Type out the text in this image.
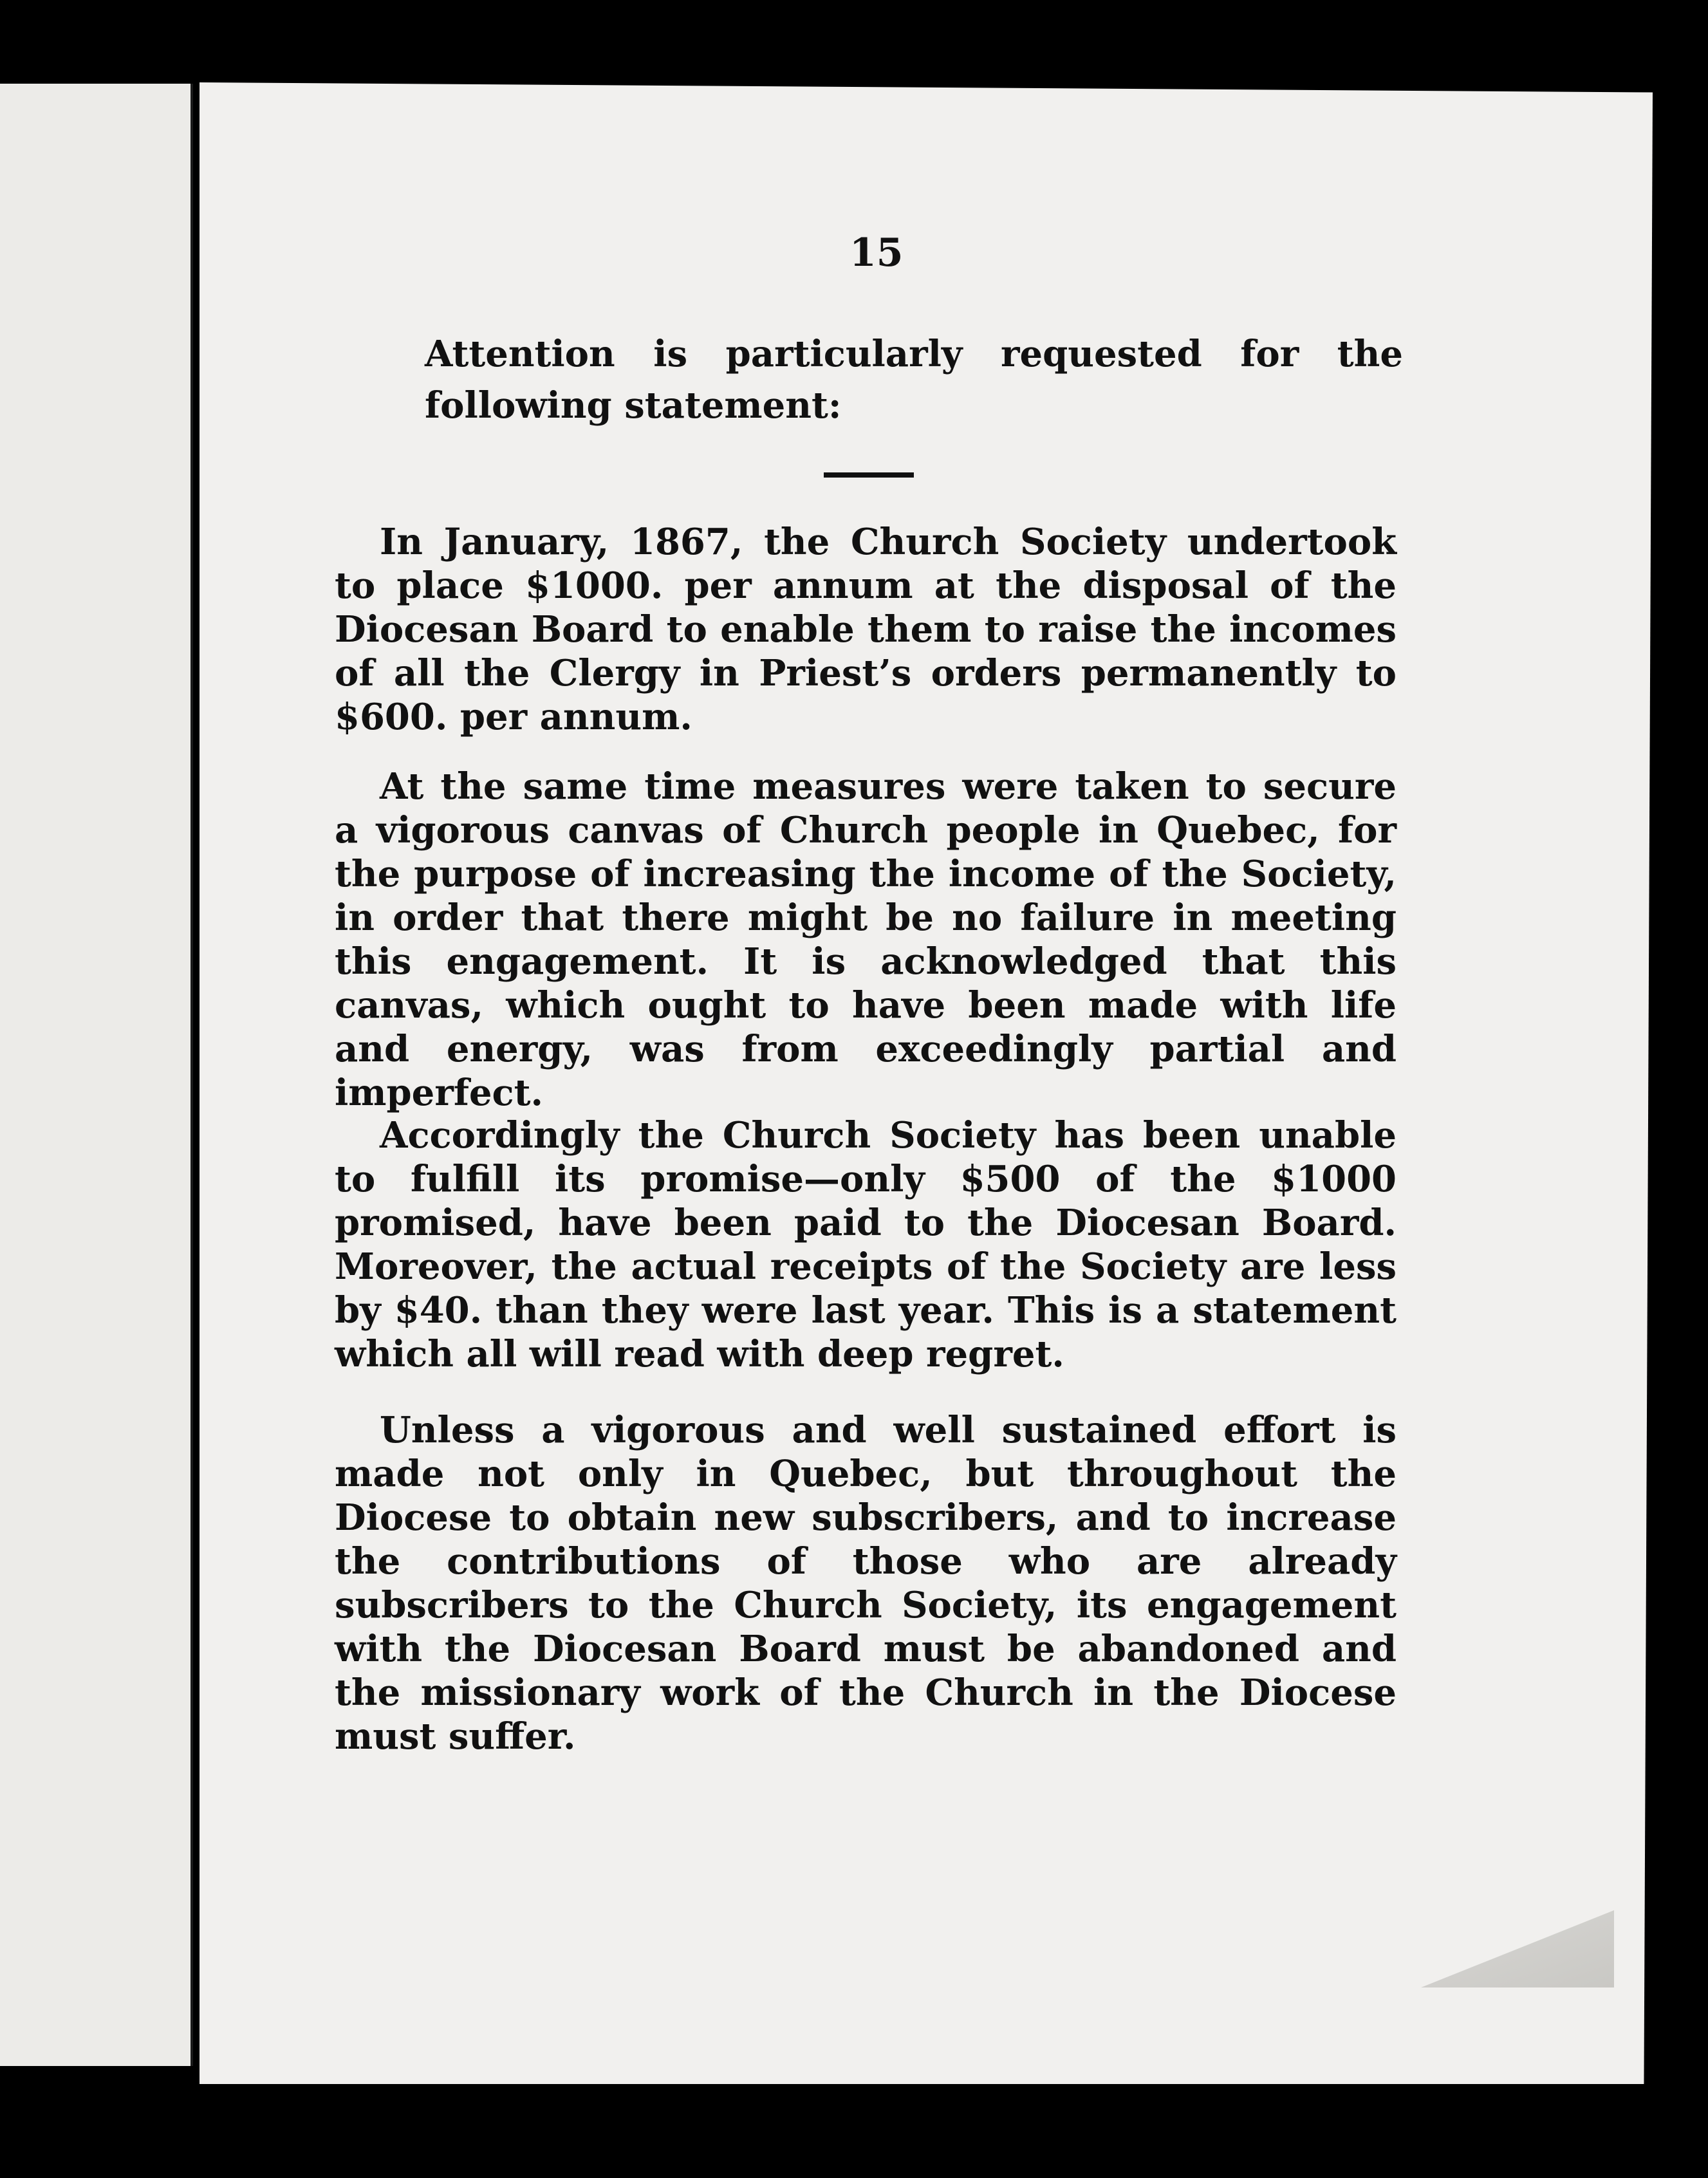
15
Attention is particularly requested for the following statement:

In January, 1867, the Church Society undertook to place $1000. per annum at the disposal of the Diocesan Board to enable them to raise the incomes of all the Clergy in Priest’s orders permanently to $600. per annum.

At the same time measures were taken to secure a vigorous canvas of Church people in Quebec, for the purpose of increasing the income of the Society, in order that there might be no failure in meeting this engagement. It is acknowledged that this canvas, which ought to have been made with life and energy, was from exceedingly partial and imperfect.

Accordingly the Church Society has been unable to fulfill its promise—only $500 of the $1000 promised, have been paid to the Diocesan Board. Moreover, the actual receipts of the Society are less by $40. than they were last year. This is a statement which all will read with deep regret.

Unless a vigorous and well sustained effort is made not only in Quebec, but throughout the Diocese to obtain new subscribers, and to increase the contributions of those who are already subscribers to the Church Society, its engagement with the Diocesan Board must be abandoned and the missionary work of the Church in the Diocese must suffer.
